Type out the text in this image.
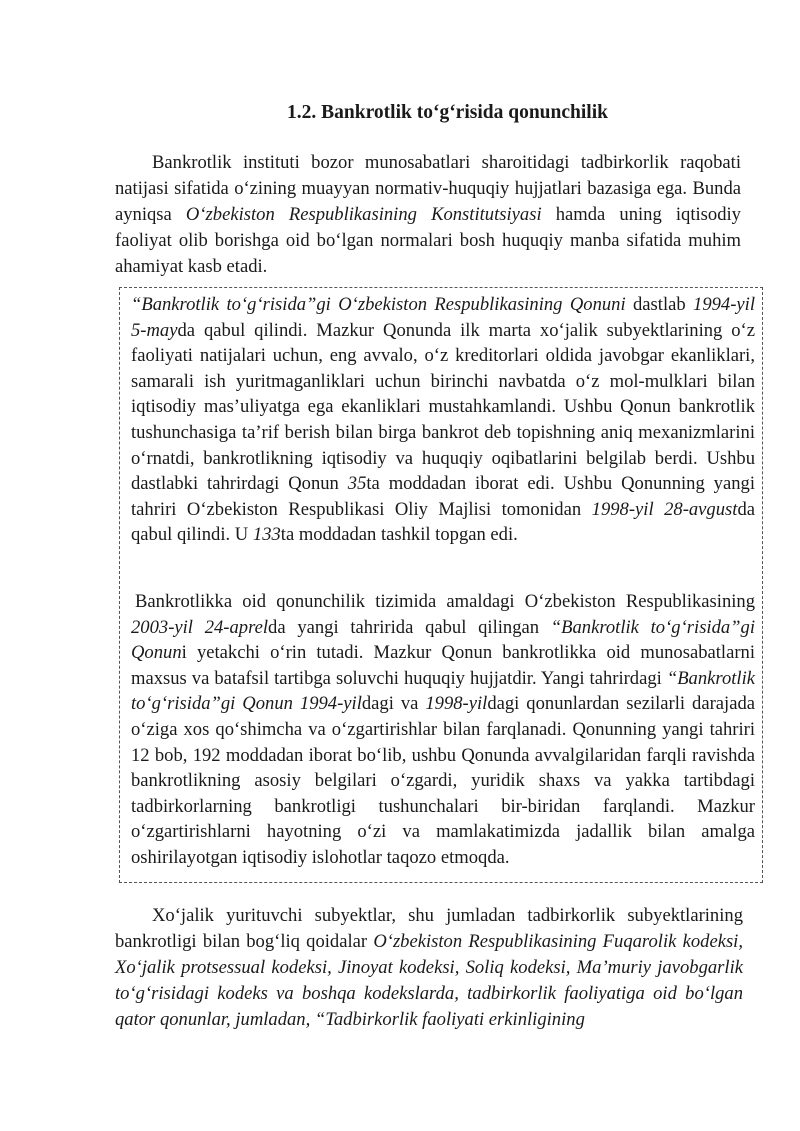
1.2. Bankrotlik to‘g‘risida qonunchilik
Bankrotlik instituti bozor munosabatlari sharoitidagi tadbirkorlik raqobati natijasi sifatida o‘zining muayyan normativ-huquqiy hujjatlari bazasiga ega. Bunda ayniqsa O‘zbekiston Respublikasining Konstitutsiyasi hamda uning iqtisodiy faoliyat olib borishga oid bo‘lgan normalari bosh huquqiy manba sifatida muhim ahamiyat kasb etadi.
“Bankrotlik to‘g‘risida”gi O‘zbekiston Respublikasining Qonuni dastlab 1994-yil 5-mayda qabul qilindi. Mazkur Qonunda ilk marta xo‘jalik subyektlarining o‘z faoliyati natijalari uchun, eng avvalo, o‘z kreditorlari oldida javobgar ekanliklari, samarali ish yuritmaganliklari uchun birinchi navbatda o‘z mol-mulklari bilan iqtisodiy mas’uliyatga ega ekanliklari mustahkamlandi. Ushbu Qonun bankrotlik tushunchasiga ta’rif berish bilan birga bankrot deb topishning aniq mexanizmlarini o‘rnatdi, bankrotlikning iqtisodiy va huquqiy oqibatlarini belgilab berdi. Ushbu dastlabki tahrirdagi Qonun 35ta moddadan iborat edi. Ushbu Qonunning yangi tahriri O‘zbekiston Respublikasi Oliy Majlisi tomonidan 1998-yil 28-avgustda qabul qilindi. U 133ta moddadan tashkil topgan edi.
Bankrotlikka oid qonunchilik tizimida amaldagi O‘zbekiston Respublikasining 2003-yil 24-aprelda yangi tahririda qabul qilingan “Bankrotlik to‘g‘risida”gi Qonuni yetakchi o‘rin tutadi. Mazkur Qonun bankrotlikka oid munosabatlarni maxsus va batafsil tartibga soluvchi huquqiy hujjatdir. Yangi tahrirdagi “Bankrotlik to‘g‘risida”gi Qonun 1994-yildagi va 1998-yildagi qonunlardan sezilarli darajada o‘ziga xos qo‘shimcha va o‘zgartirishlar bilan farqlanadi. Qonunning yangi tahriri 12 bob, 192 moddadan iborat bo‘lib, ushbu Qonunda avvalgilaridan farqli ravishda bankrotlikning asosiy belgilari o‘zgardi, yuridik shaxs va yakka tartibdagi tadbirkorlarning bankrotligi tushunchalari bir-biridan farqlandi. Mazkur o‘zgartirishlarni hayotning o‘zi va mamlakatimizda jadallik bilan amalga oshirilayotgan iqtisodiy islohotlar taqozo etmoqda.
Xo‘jalik yurituvchi subyektlar, shu jumladan tadbirkorlik subyektlarining bankrotligi bilan bog‘liq qoidalar O‘zbekiston Respublikasining Fuqarolik kodeksi, Xo‘jalik protsessual kodeksi, Jinoyat kodeksi, Soliq kodeksi, Ma’muriy javobgarlik to‘g‘risidagi kodeks va boshqa kodekslarda, tadbirkorlik faoliyatiga oid bo‘lgan qator qonunlar, jumladan, “Tadbirkorlik faoliyati erkinligining
